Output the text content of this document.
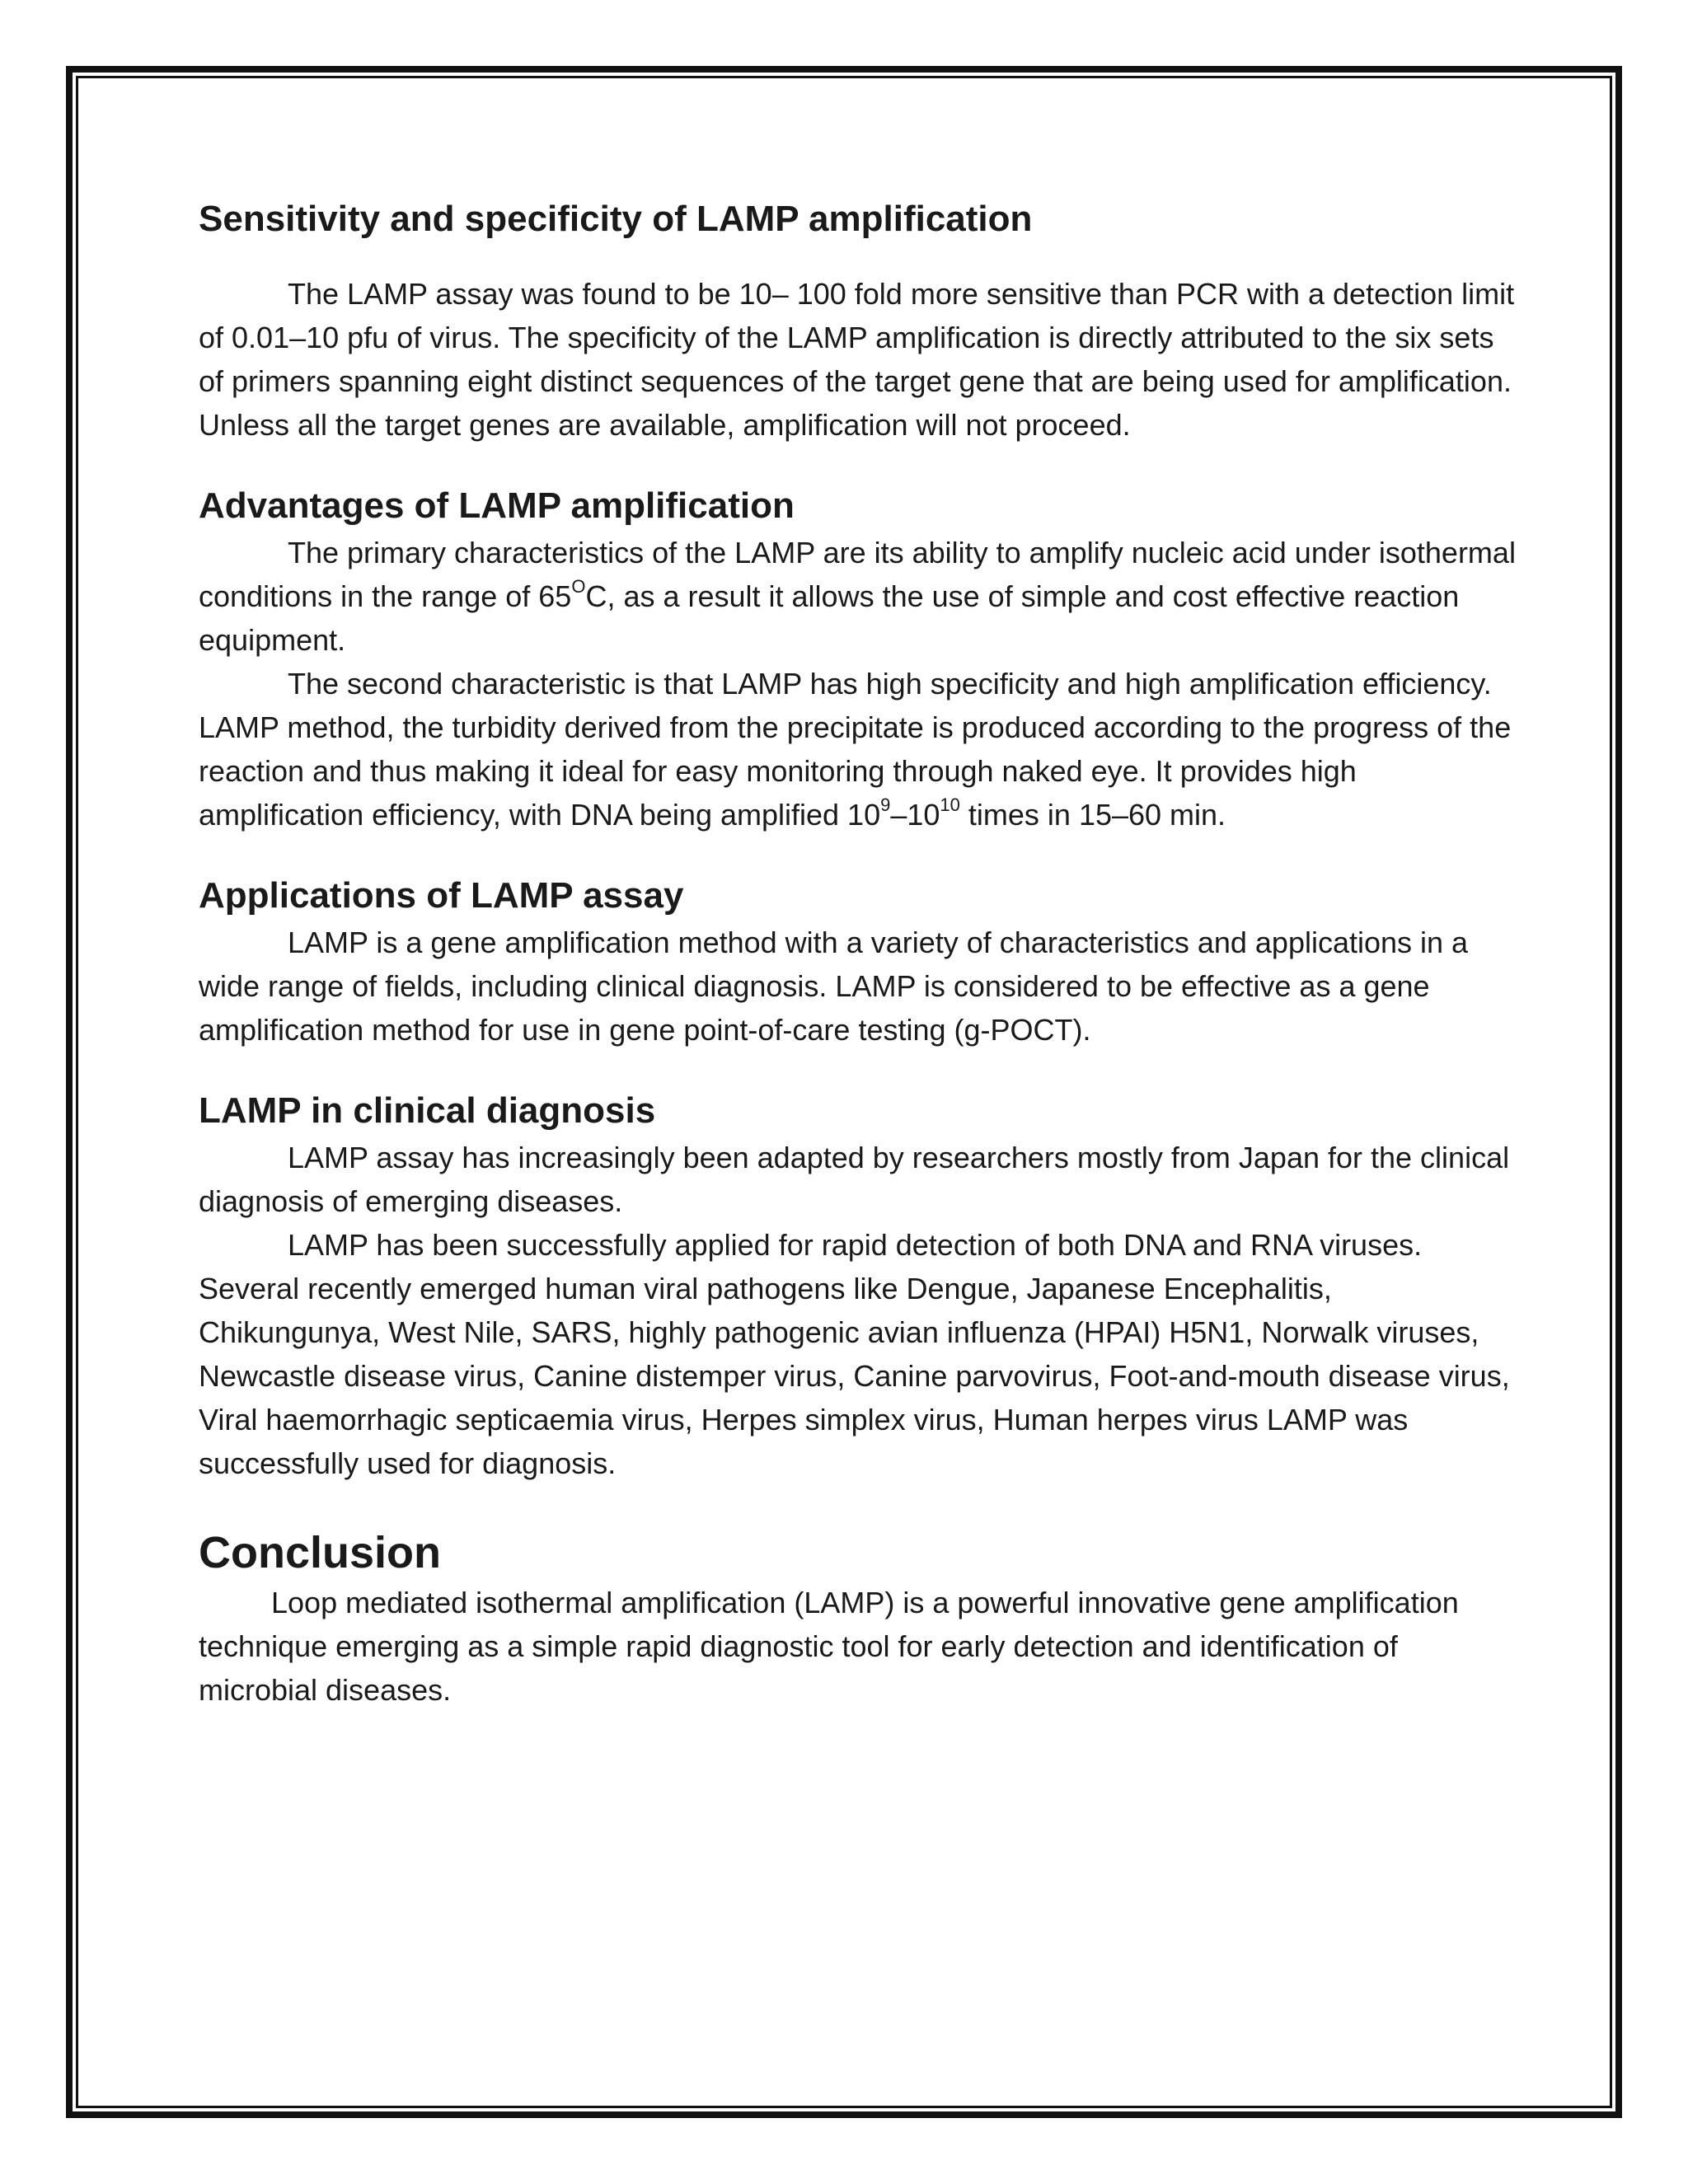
Sensitivity and specificity of LAMP amplification

The LAMP assay was found to be 10– 100 fold more sensitive than PCR with a detection limit of 0.01–10 pfu of virus. The specificity of the LAMP amplification is directly attributed to the six sets of primers spanning eight distinct sequences of the target gene that are being used for amplification. Unless all the target genes are available, amplification will not proceed.

Advantages of LAMP amplification

The primary characteristics of the LAMP are its ability to amplify nucleic acid under isothermal conditions in the range of $65^OC$, as a result it allows the use of simple and cost effective reaction equipment.

The second characteristic is that LAMP has high specificity and high amplification efficiency. LAMP method, the turbidity derived from the precipitate is produced according to the progress of the reaction and thus making it ideal for easy monitoring through naked eye. It provides high amplification efficiency, with DNA being amplified $10^9-10^{10}$ times in 15–60 min.

Applications of LAMP assay

LAMP is a gene amplification method with a variety of characteristics and applications in a wide range of fields, including clinical diagnosis. LAMP is considered to be effective as a gene amplification method for use in gene point-of-care testing (g-POCT).

LAMP in clinical diagnosis

LAMP assay has increasingly been adapted by researchers mostly from Japan for the clinical diagnosis of emerging diseases.

LAMP has been successfully applied for rapid detection of both DNA and RNA viruses. Several recently emerged human viral pathogens like Dengue, Japanese Encephalitis, Chikungunya, West Nile, SARS, highly pathogenic avian influenza (HPAI) H5N1, Norwalk viruses, Newcastle disease virus, Canine distemper virus, Canine parvovirus, Foot-and-mouth disease virus, Viral haemorrhagic septicaemia virus, Herpes simplex virus, Human herpes virus LAMP was successfully used for diagnosis.

Conclusion

Loop mediated isothermal amplification (LAMP) is a powerful innovative gene amplification technique emerging as a simple rapid diagnostic tool for early detection and identification of microbial diseases.
